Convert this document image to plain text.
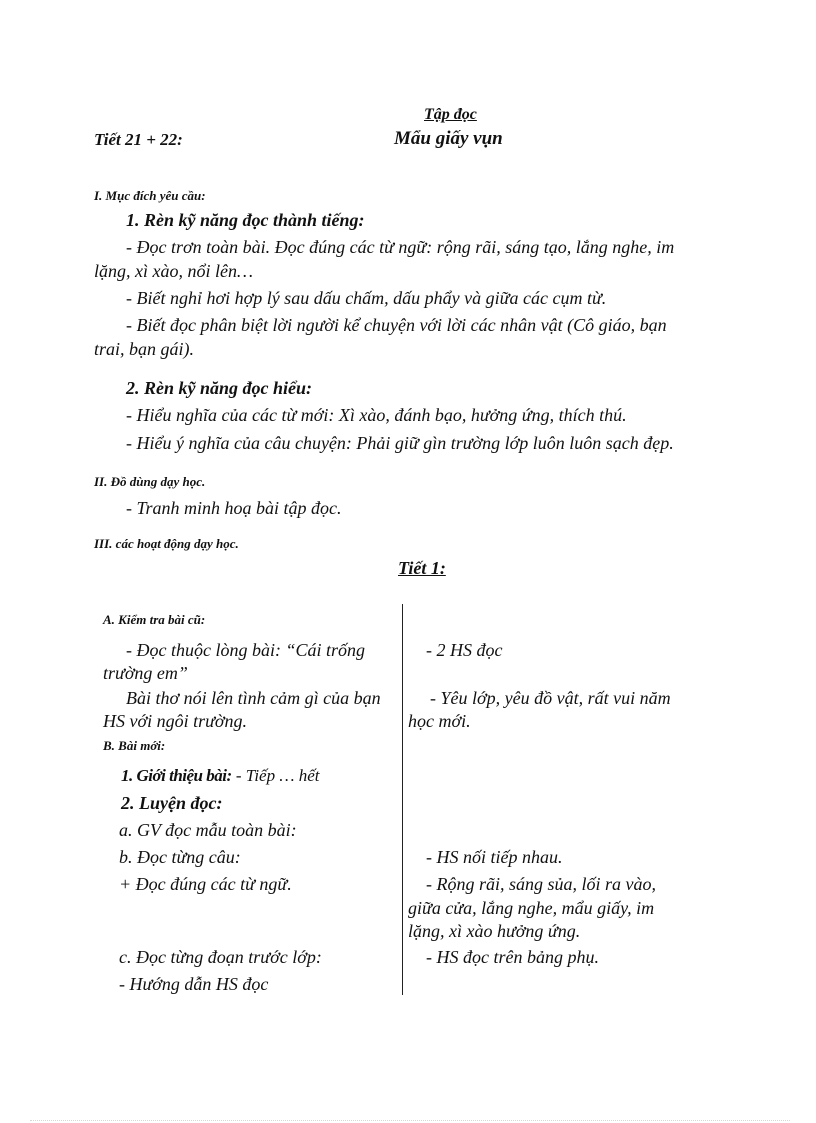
Tập đọc
Tiết 21 + 22:	Mẩu giấy vụn
I. Mục đích yêu cầu:
1. Rèn kỹ năng đọc thành tiếng:
- Đọc trơn toàn bài. Đọc đúng các từ ngữ: rộng rãi, sáng tạo, lắng nghe, im
lặng, xì xào, nổi lên…
- Biết nghỉ hơi hợp lý sau dấu chấm, dấu phẩy và giữa các cụm từ.
- Biết đọc phân biệt lời người kể chuyện với lời các nhân vật (Cô giáo, bạn
trai, bạn gái).
2. Rèn kỹ năng đọc hiểu:
- Hiểu nghĩa của các từ mới: Xì xào, đánh bạo, hưởng ứng, thích thú.
- Hiểu ý nghĩa của câu chuyện: Phải giữ gìn trường lớp luôn luôn sạch đẹp.
II. Đồ dùng dạy học.
- Tranh minh hoạ bài tập đọc.
III. các hoạt động dạy học.
Tiết 1:
A. Kiểm tra bài cũ:
- Đọc thuộc lòng bài: “Cái trống
trường em”
Bài thơ nói lên tình cảm gì của bạn
HS với ngôi trường.
B. Bài mới:
1. Giới thiệu bài: - Tiếp … hết
2. Luyện đọc:
a. GV đọc mẫu toàn bài:
b. Đọc từng câu:
+ Đọc đúng các từ ngữ.
c. Đọc từng đoạn trước lớp:
- Hướng dẫn HS đọc
- 2 HS đọc
- Yêu lớp, yêu đồ vật, rất vui năm
học mới.
- HS nối tiếp nhau.
- Rộng rãi, sáng sủa, lối ra vào,
giữa cửa, lắng nghe, mẩu giấy, im
lặng, xì xào hưởng ứng.
- HS đọc trên bảng phụ.
